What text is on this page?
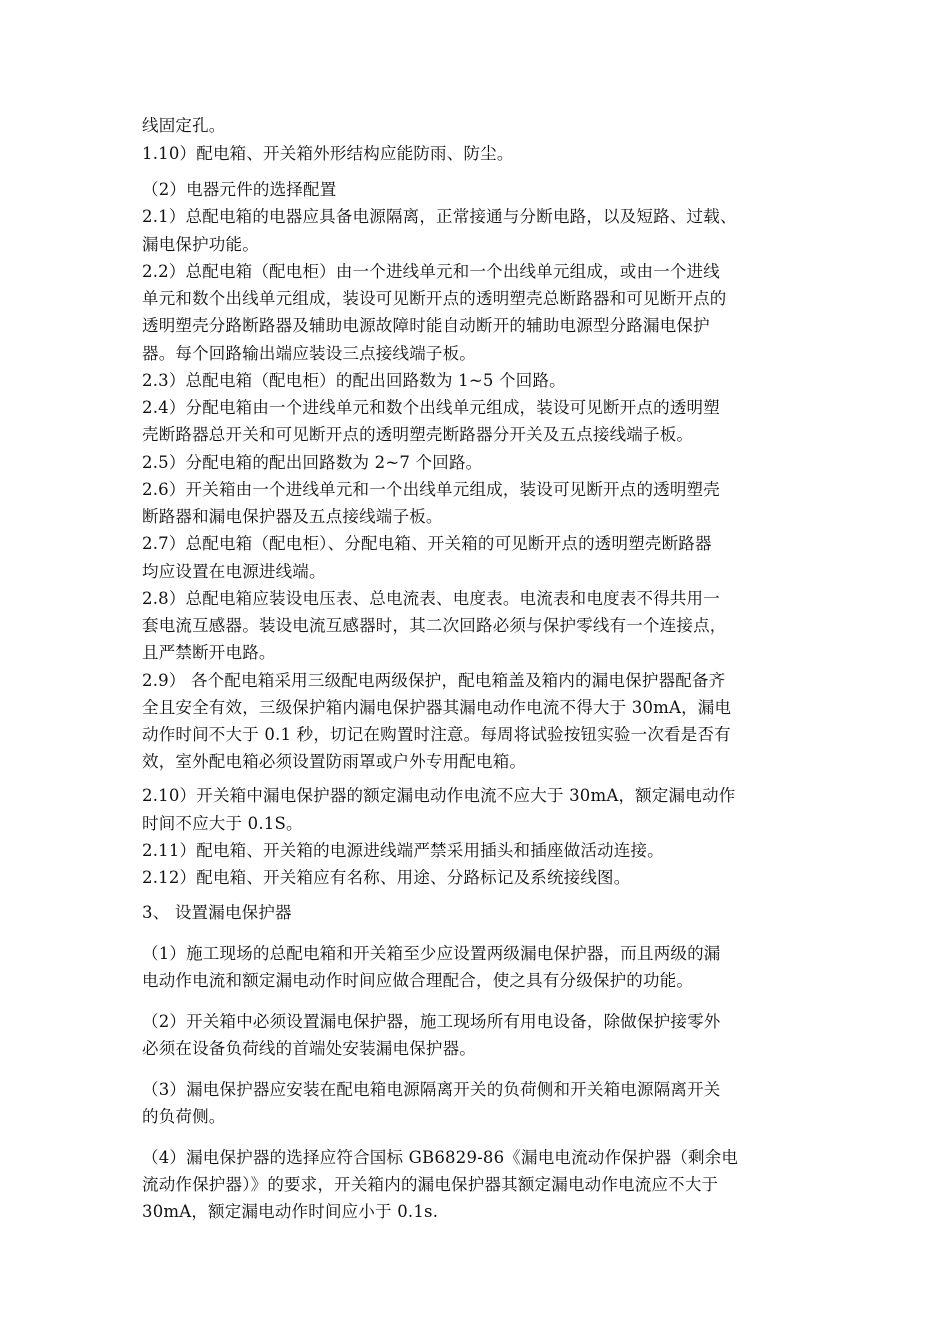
线固定孔。
1.10）配电箱、开关箱外形结构应能防雨、防尘。
（2）电器元件的选择配置
2.1）总配电箱的电器应具备电源隔离，正常接通与分断电路，以及短路、过载、
漏电保护功能。
2.2）总配电箱（配电柜）由一个进线单元和一个出线单元组成，或由一个进线
单元和数个出线单元组成，装设可见断开点的透明塑壳总断路器和可见断开点的
透明塑壳分路断路器及辅助电源故障时能自动断开的辅助电源型分路漏电保护
器。每个回路输出端应装设三点接线端子板。
2.3）总配电箱（配电柜）的配出回路数为 1~5 个回路。
2.4）分配电箱由一个进线单元和数个出线单元组成，装设可见断开点的透明塑
壳断路器总开关和可见断开点的透明塑壳断路器分开关及五点接线端子板。
2.5）分配电箱的配出回路数为 2~7 个回路。
2.6）开关箱由一个进线单元和一个出线单元组成，装设可见断开点的透明塑壳
断路器和漏电保护器及五点接线端子板。
2.7）总配电箱（配电柜）、分配电箱、开关箱的可见断开点的透明塑壳断路器
均应设置在电源进线端。
2.8）总配电箱应装设电压表、总电流表、电度表。电流表和电度表不得共用一
套电流互感器。装设电流互感器时，其二次回路必须与保护零线有一个连接点，
且严禁断开电路。
2.9） 各个配电箱采用三级配电两级保护，配电箱盖及箱内的漏电保护器配备齐
全且安全有效，三级保护箱内漏电保护器其漏电动作电流不得大于 30mA，漏电
动作时间不大于 0.1 秒，切记在购置时注意。每周将试验按钮实验一次看是否有
效，室外配电箱必须设置防雨罩或户外专用配电箱。
2.10）开关箱中漏电保护器的额定漏电动作电流不应大于 30mA，额定漏电动作
时间不应大于 0.1S。
2.11）配电箱、开关箱的电源进线端严禁采用插头和插座做活动连接。
2.12）配电箱、开关箱应有名称、用途、分路标记及系统接线图。
3、 设置漏电保护器
（1）施工现场的总配电箱和开关箱至少应设置两级漏电保护器，而且两级的漏
电动作电流和额定漏电动作时间应做合理配合，使之具有分级保护的功能。
（2）开关箱中必须设置漏电保护器，施工现场所有用电设备，除做保护接零外
必须在设备负荷线的首端处安装漏电保护器。
（3）漏电保护器应安装在配电箱电源隔离开关的负荷侧和开关箱电源隔离开关
的负荷侧。
（4）漏电保护器的选择应符合国标 GB6829-86《漏电电流动作保护器（剩余电
流动作保护器）》的要求，开关箱内的漏电保护器其额定漏电动作电流应不大于
30mA，额定漏电动作时间应小于 0.1s.
